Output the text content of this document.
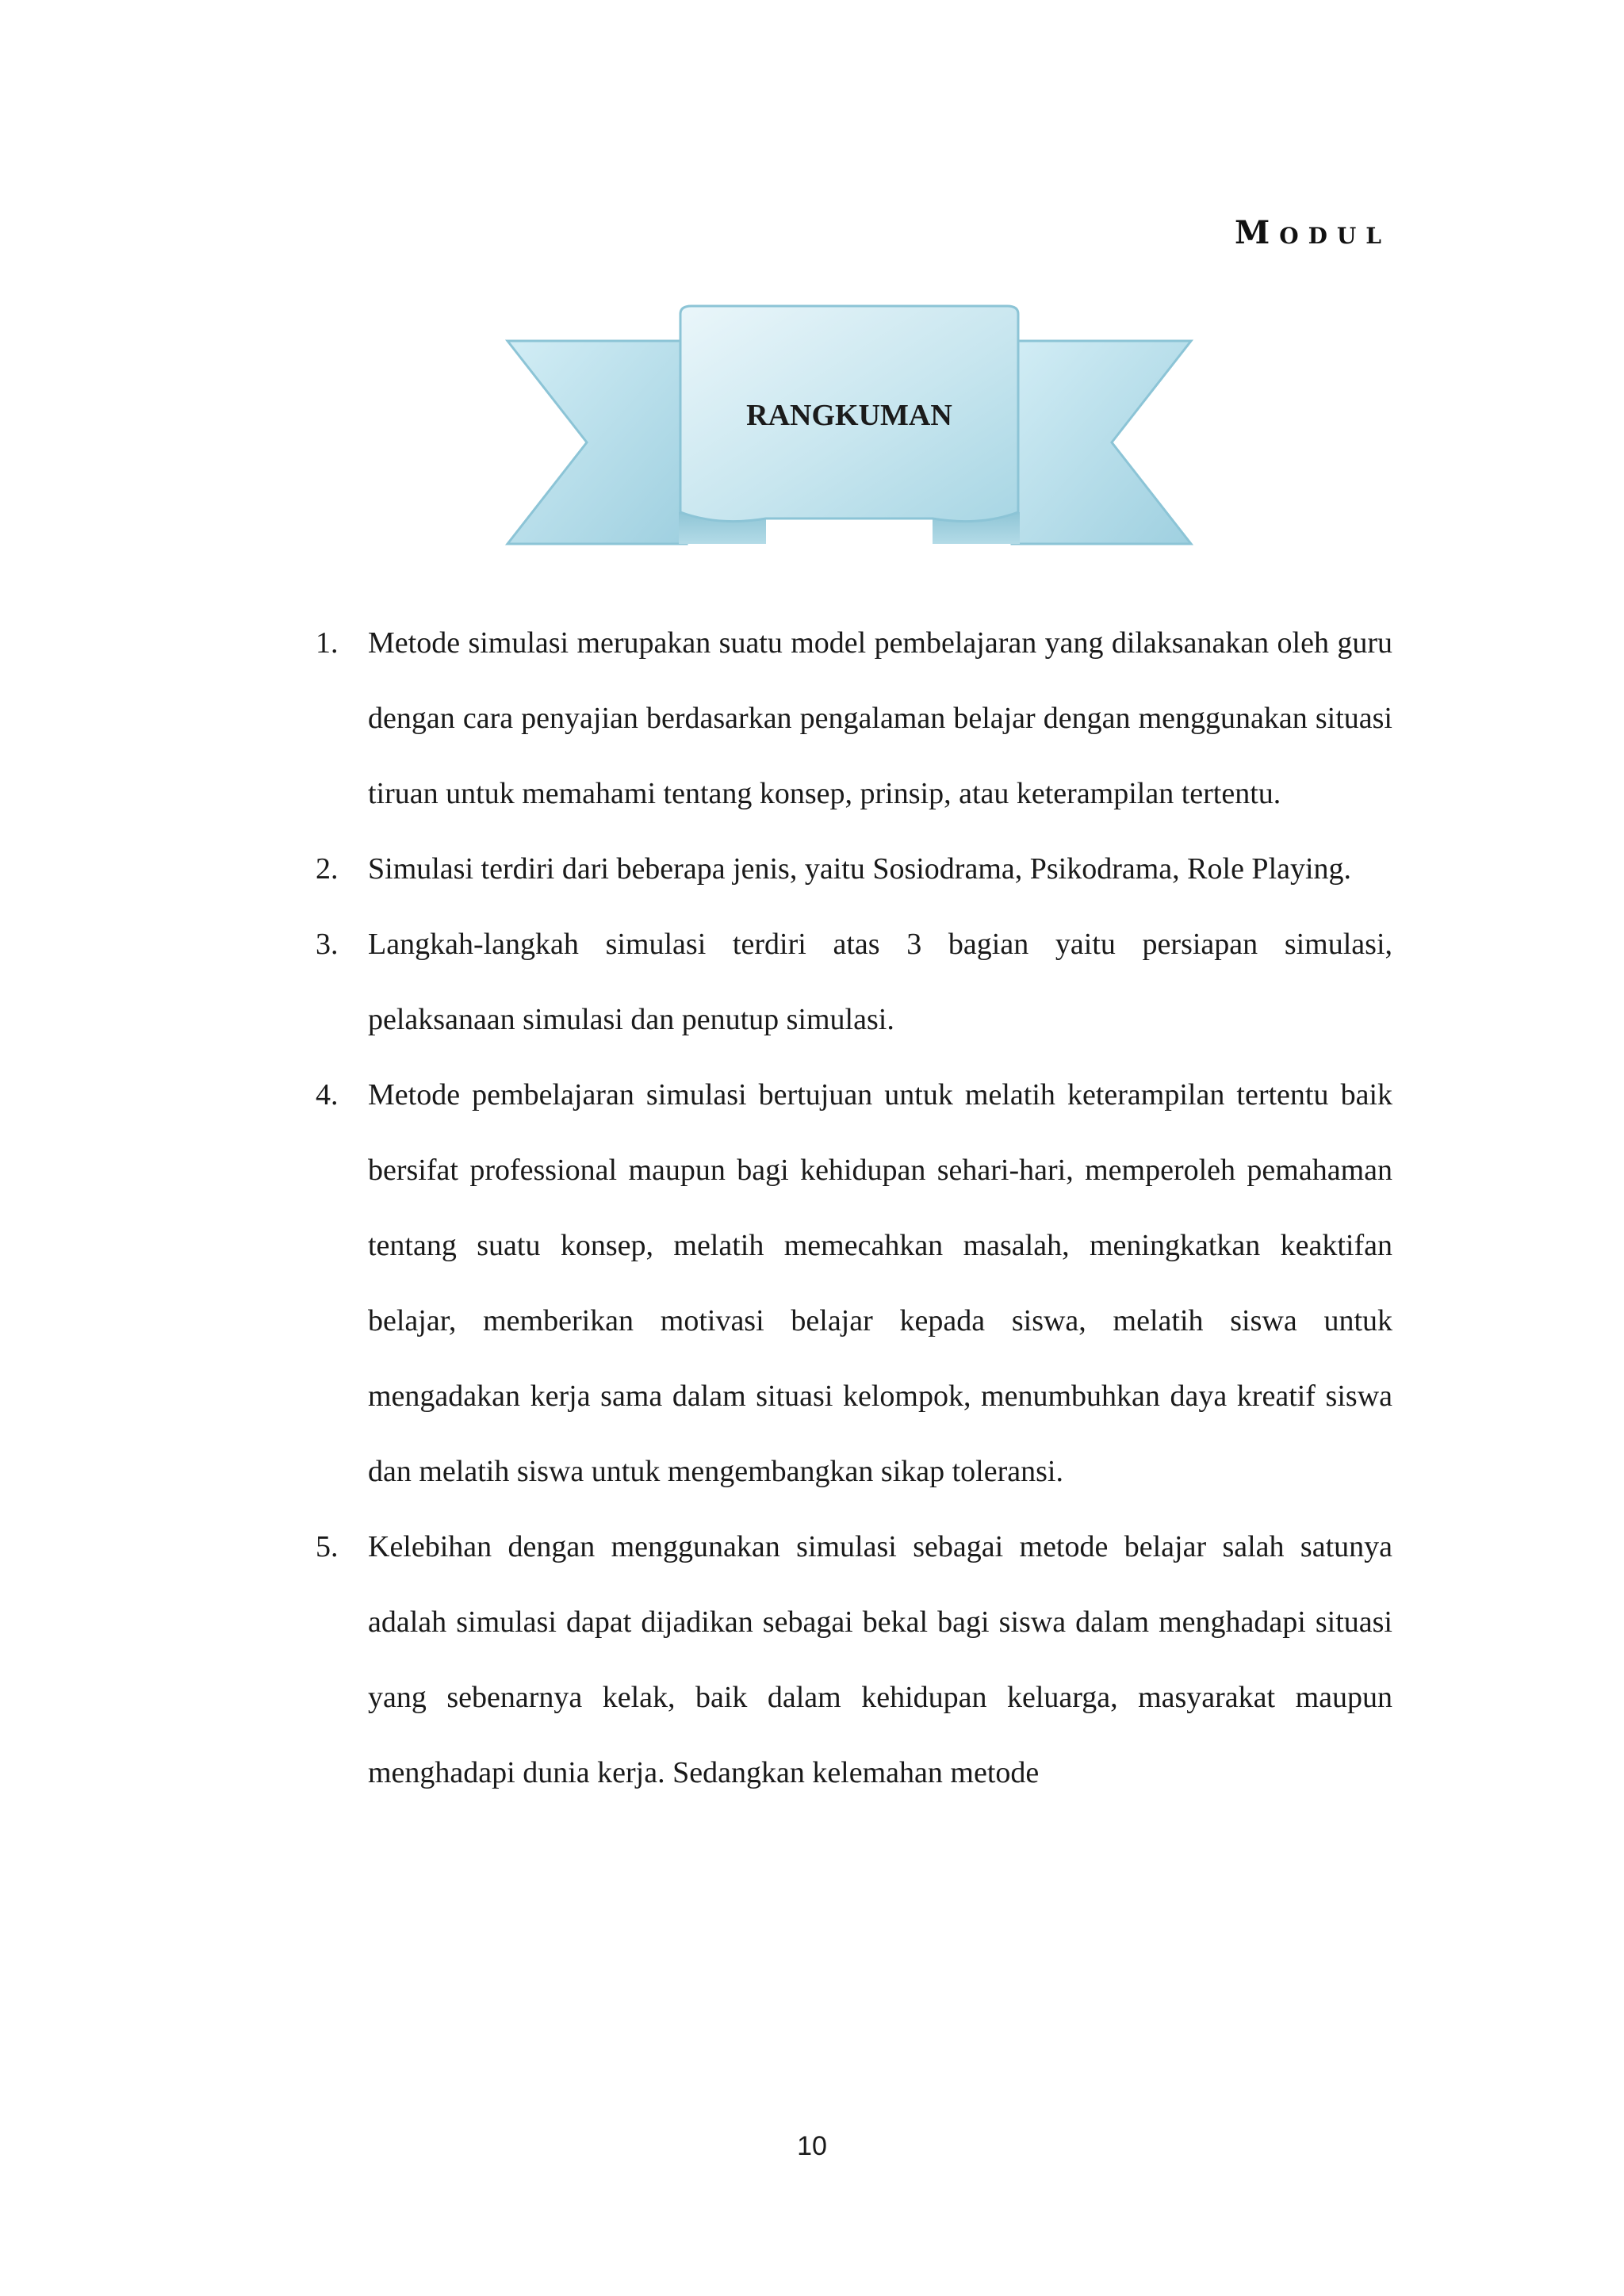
Modul
RANGKUMAN
1. Metode simulasi merupakan suatu model pembelajaran yang dilaksanakan oleh guru dengan cara penyajian berdasarkan pengalaman belajar dengan menggunakan situasi tiruan untuk memahami tentang konsep, prinsip, atau keterampilan tertentu.
2. Simulasi terdiri dari beberapa jenis, yaitu Sosiodrama, Psikodrama, Role Playing.
3. Langkah-langkah simulasi terdiri atas 3 bagian yaitu persiapan simulasi, pelaksanaan simulasi dan penutup simulasi.
4. Metode pembelajaran simulasi bertujuan untuk melatih keterampilan tertentu baik bersifat professional maupun bagi kehidupan sehari-hari, memperoleh pemahaman tentang suatu konsep, melatih memecahkan masalah, meningkatkan keaktifan belajar, memberikan motivasi belajar kepada siswa, melatih siswa untuk mengadakan kerja sama dalam situasi kelompok, menumbuhkan daya kreatif siswa dan melatih siswa untuk mengembangkan sikap toleransi.
5. Kelebihan dengan menggunakan simulasi sebagai metode belajar salah satunya adalah simulasi dapat dijadikan sebagai bekal bagi siswa dalam menghadapi situasi yang sebenarnya kelak, baik dalam kehidupan keluarga, masyarakat maupun menghadapi dunia kerja. Sedangkan kelemahan metode
10
